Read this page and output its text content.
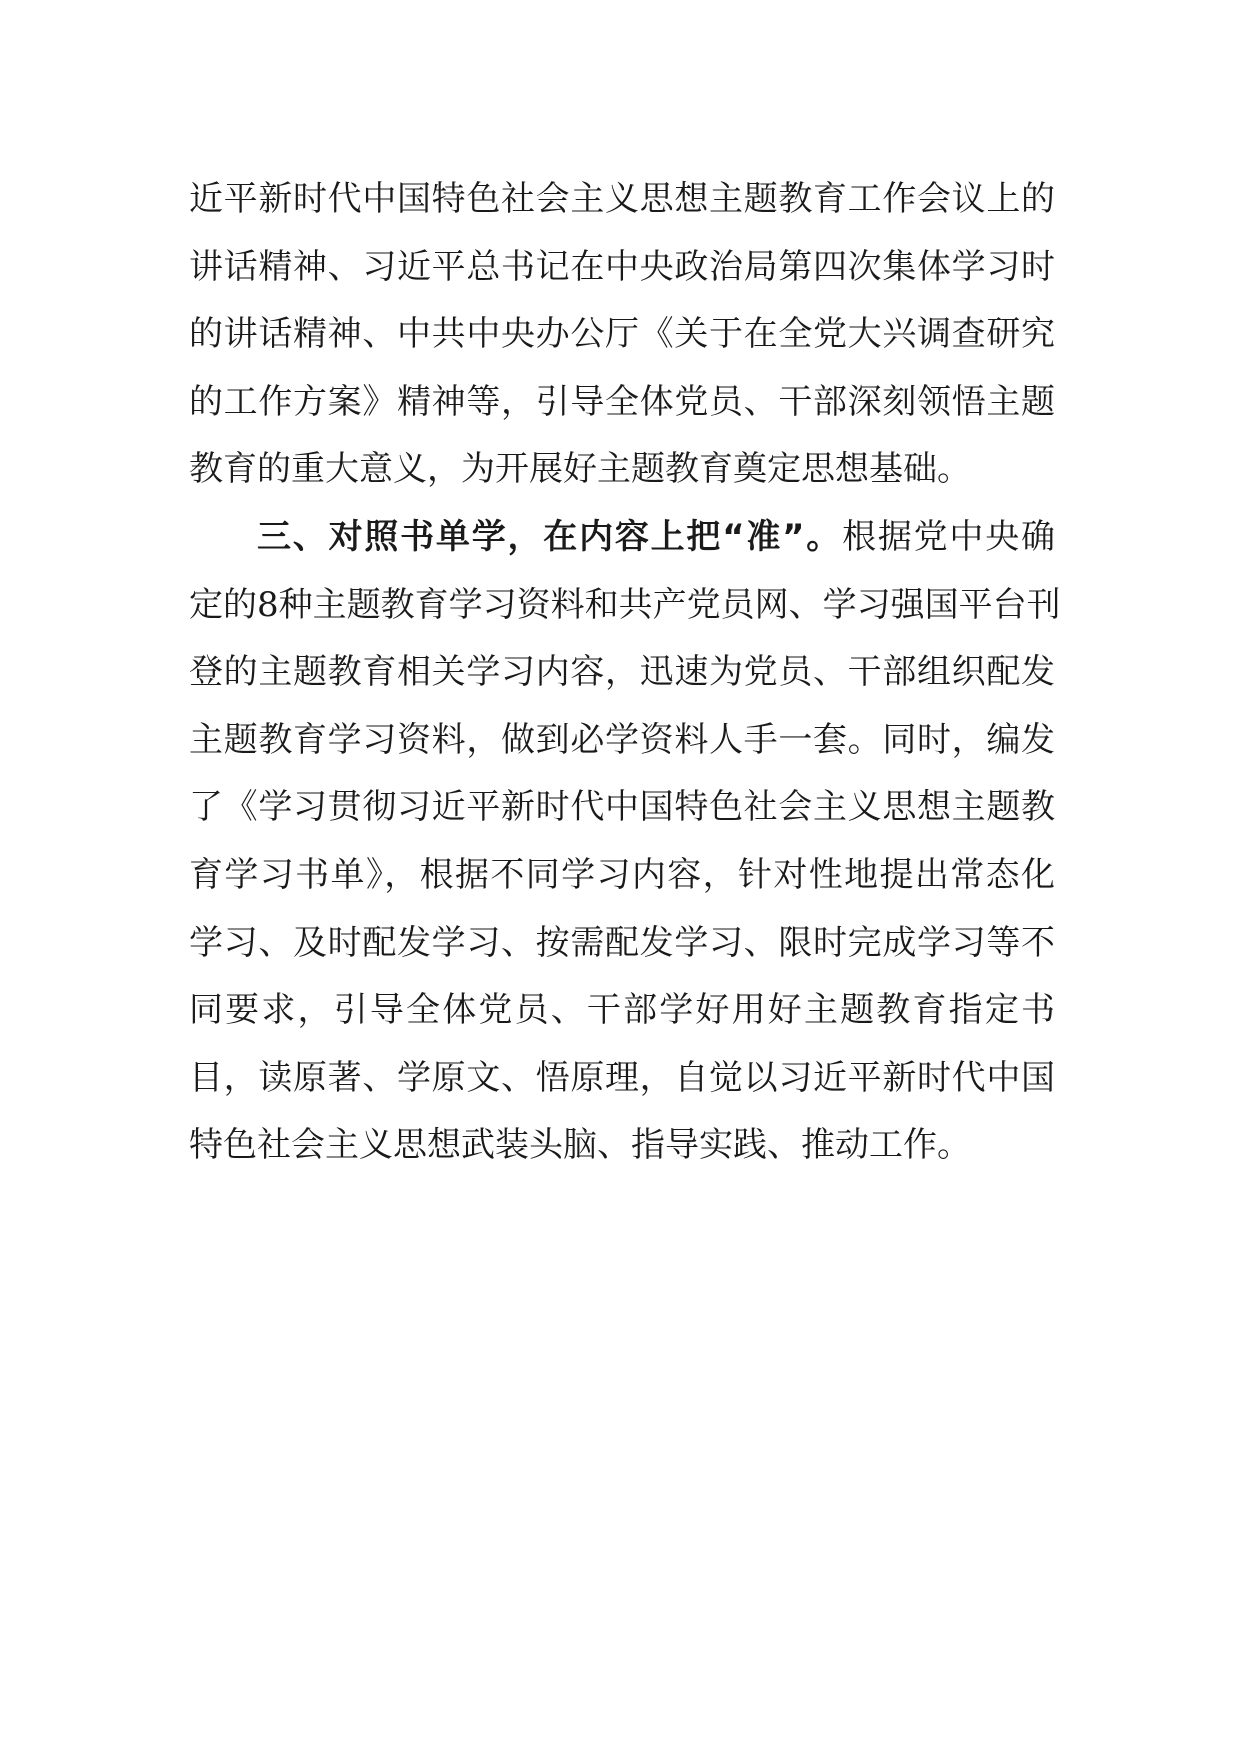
近平新时代中国特色社会主义思想主题教育工作会议上的
讲话精神、习近平总书记在中央政治局第四次集体学习时
的讲话精神、中共中央办公厅《关于在全党大兴调查研究
的工作方案》精神等，引导全体党员、干部深刻领悟主题
教育的重大意义，为开展好主题教育奠定思想基础。
三、对照书单学，在内容上把“准”。根据党中央确
定的8种主题教育学习资料和共产党员网、学习强国平台刊
登的主题教育相关学习内容，迅速为党员、干部组织配发
主题教育学习资料，做到必学资料人手一套。同时，编发
了《学习贯彻习近平新时代中国特色社会主义思想主题教
育学习书单》，根据不同学习内容，针对性地提出常态化
学习、及时配发学习、按需配发学习、限时完成学习等不
同要求，引导全体党员、干部学好用好主题教育指定书
目，读原著、学原文、悟原理，自觉以习近平新时代中国
特色社会主义思想武装头脑、指导实践、推动工作。
